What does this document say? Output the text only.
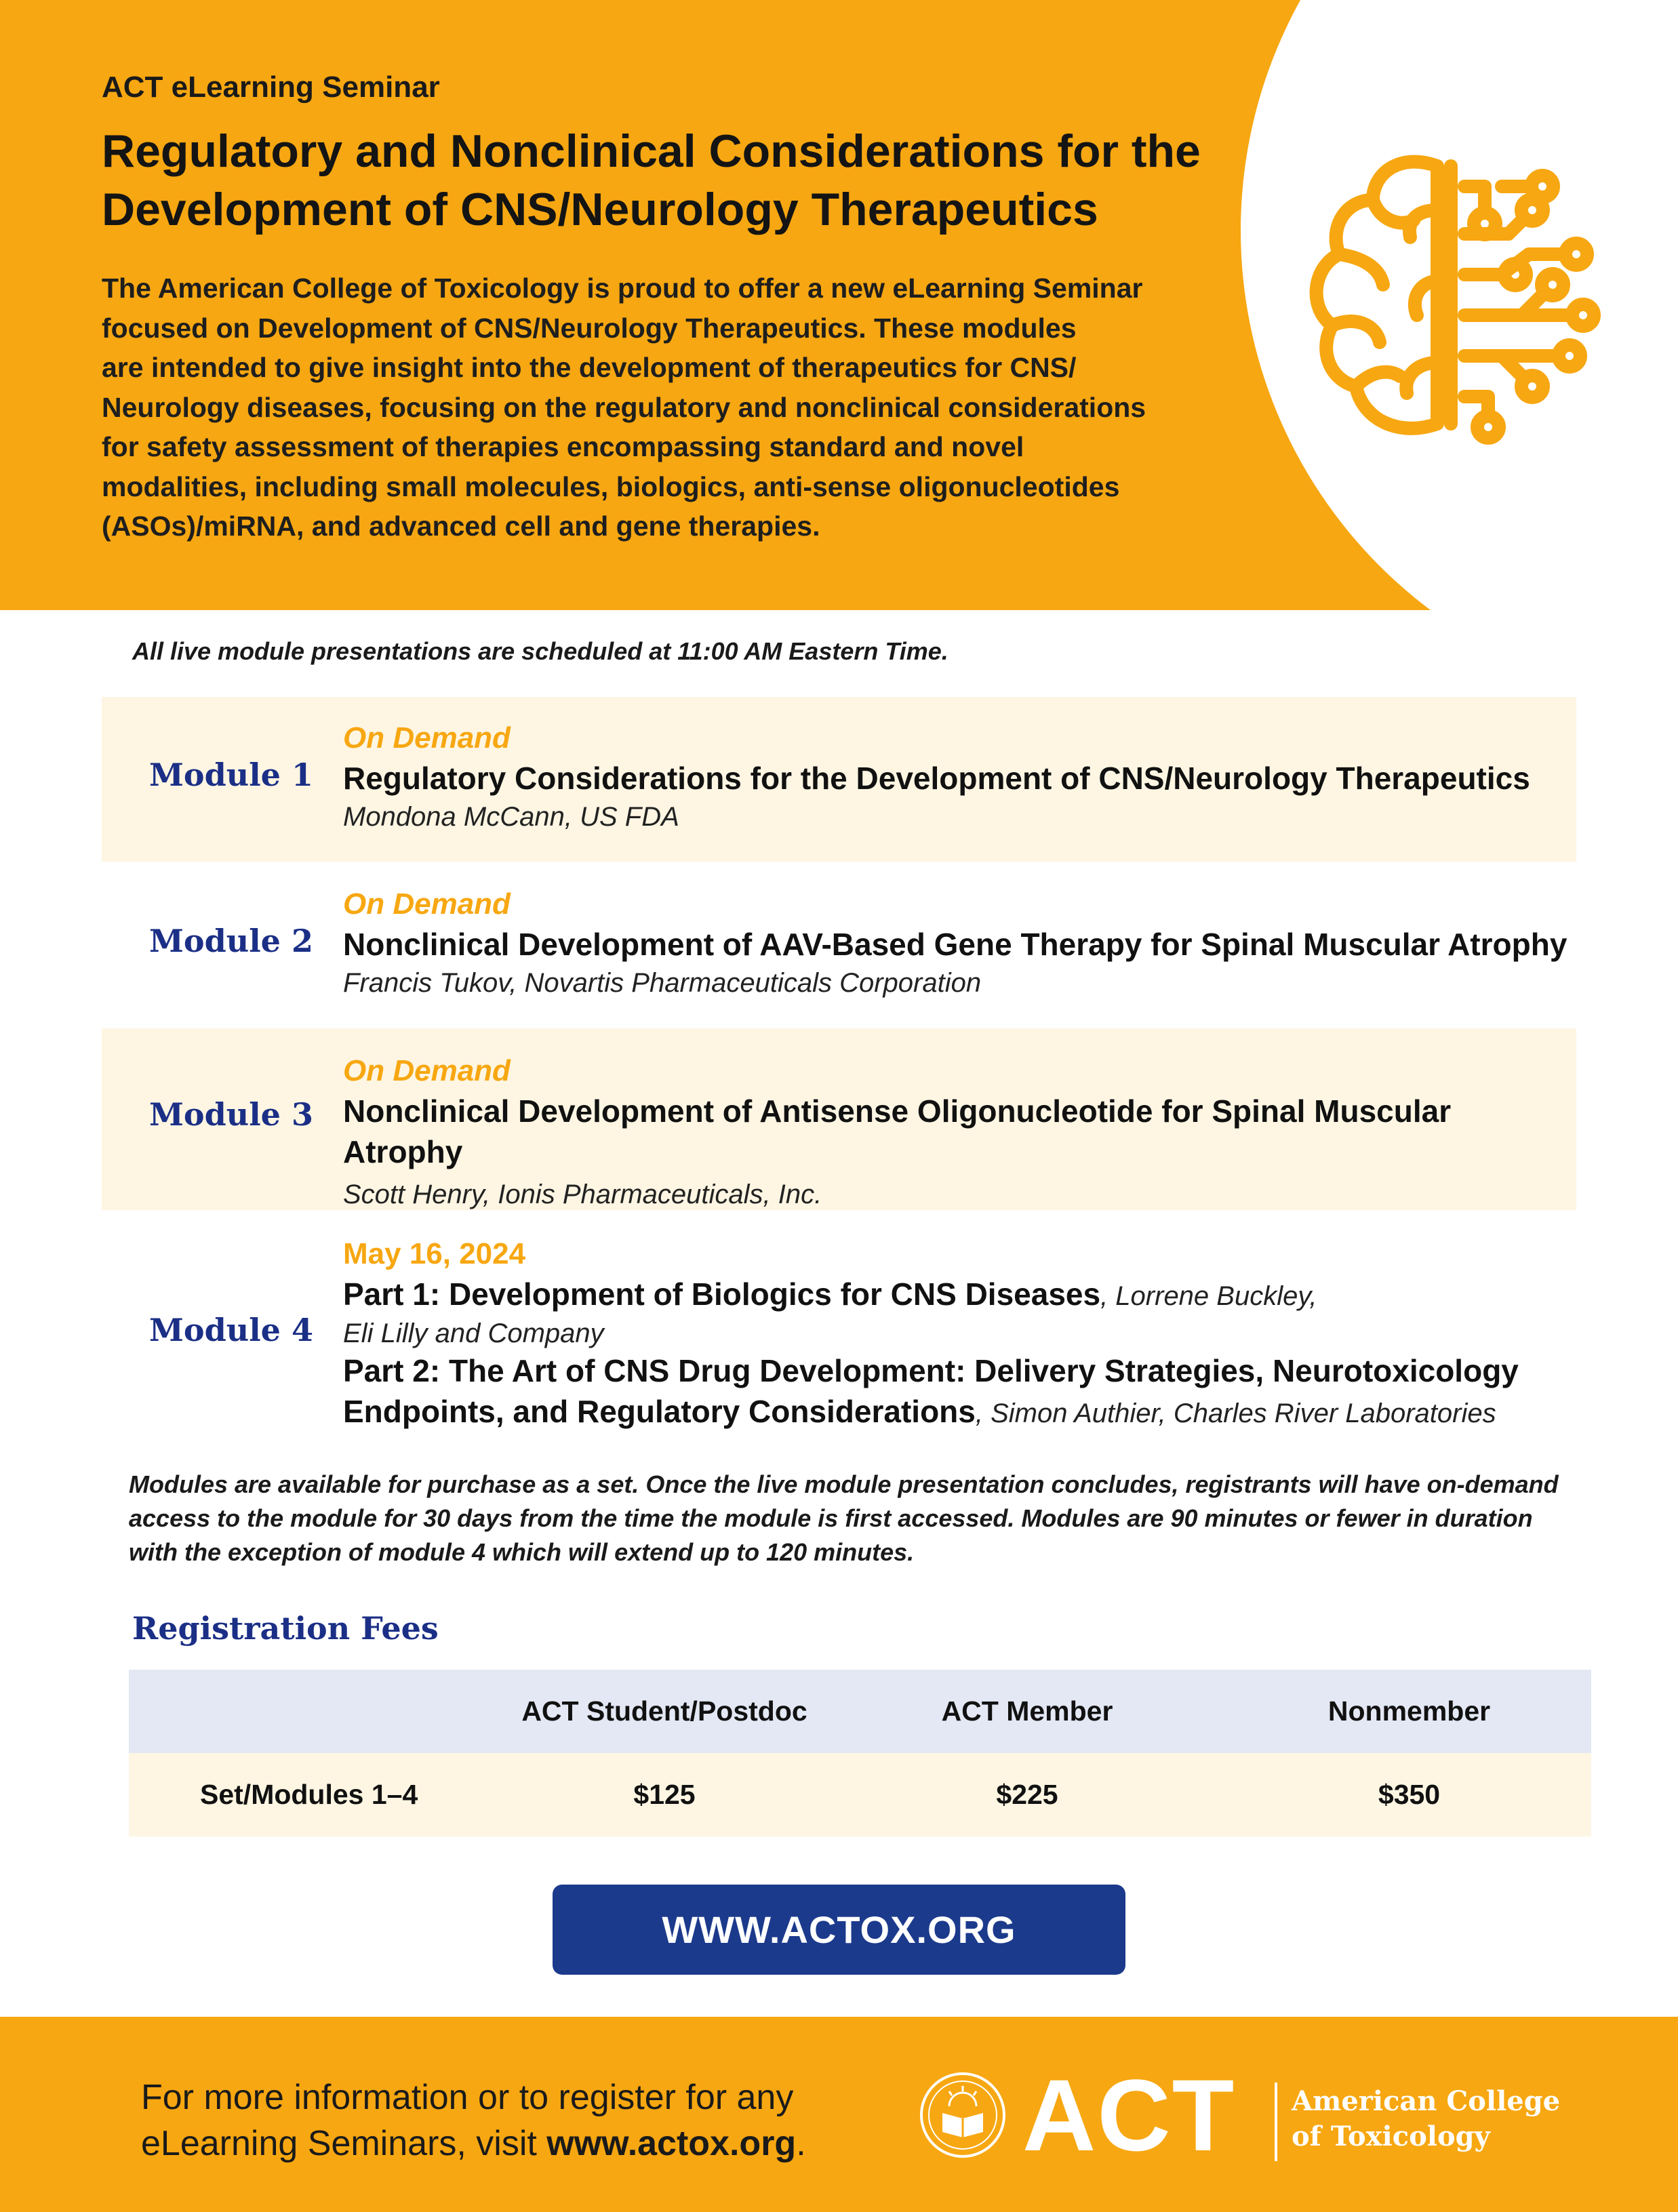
ACT eLearning Seminar
Regulatory and Nonclinical Considerations for the
Development of CNS/Neurology Therapeutics

The American College of Toxicology is proud to offer a new eLearning Seminar
focused on Development of CNS/Neurology Therapeutics. These modules
are intended to give insight into the development of therapeutics for CNS/
Neurology diseases, focusing on the regulatory and nonclinical considerations
for safety assessment of therapies encompassing standard and novel
modalities, including small molecules, biologics, anti-sense oligonucleotides
(ASOs)/miRNA, and advanced cell and gene therapies.

All live module presentations are scheduled at 11:00 AM Eastern Time.
Module 1
On Demand
Regulatory Considerations for the Development of CNS/Neurology Therapeutics
Mondona McCann, US FDA
Module 2
On Demand
Nonclinical Development of AAV-Based Gene Therapy for Spinal Muscular Atrophy
Francis Tukov, Novartis Pharmaceuticals Corporation
Module 3
On Demand
Nonclinical Development of Antisense Oligonucleotide for Spinal Muscular Atrophy
Scott Henry, Ionis Pharmaceuticals, Inc.
Module 4
May 16, 2024
Part 1: Development of Biologics for CNS Diseases, Lorrene Buckley,
Eli Lilly and Company
Part 2: The Art of CNS Drug Development: Delivery Strategies, Neurotoxicology
Endpoints, and Regulatory Considerations, Simon Authier, Charles River Laboratories

Modules are available for purchase as a set. Once the live module presentation concludes, registrants will have on-demand
access to the module for 30 days from the time the module is first accessed. Modules are 90 minutes or fewer in duration
with the exception of module 4 which will extend up to 120 minutes.

Registration Fees
	ACT Student/Postdoc	ACT Member	Nonmember
Set/Modules 1–4	$125	$225	$350
WWW.ACTOX.ORG

For more information or to register for any
eLearning Seminars, visit www.actox.org. ACT American College
of Toxicology
